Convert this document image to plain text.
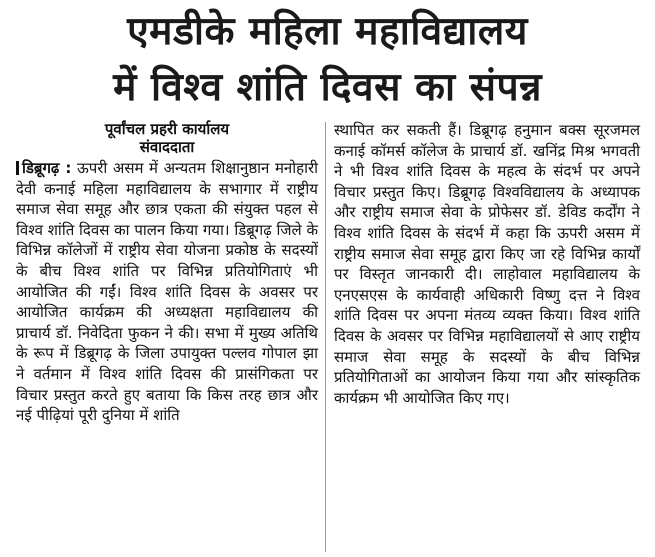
एमडीके महिला महाविद्यालय
में विश्व शांति दिवस का संपन्न

पूर्वांचल प्रहरी कार्यालय

संवाददाता

डिब्रूगढ़ : ऊपरी असम में अन्यतम शिक्षानुष्ठान मनोहारी देवी कनाई महिला महाविद्यालय के सभागार में राष्ट्रीय समाज सेवा समूह और छात्र एकता की संयुक्त पहल से विश्व शांति दिवस का पालन किया गया। डिब्रूगढ़ जिले के विभिन्न कॉलेजों में राष्ट्रीय सेवा योजना प्रकोष्ठ के सदस्यों के बीच विश्व शांति पर विभिन्न प्रतियोगिताएं भी आयोजित की गईं। विश्व शांति दिवस के अवसर पर आयोजित कार्यक्रम की अध्यक्षता महाविद्यालय की प्राचार्य डॉ. निवेदिता फुकन ने की। सभा में मुख्य अतिथि के रूप में डिब्रूगढ़ के जिला उपायुक्त पल्लव गोपाल झा ने वर्तमान में विश्व शांति दिवस की प्रासंगिकता पर विचार प्रस्तुत करते हुए बताया कि किस तरह छात्र और नई पीढ़ियां पूरी दुनिया में शांति

स्थापित कर सकती हैं। डिब्रूगढ़ हनुमान बक्स सूरजमल कनाई कॉमर्स कॉलेज के प्राचार्य डॉ. खनिंद्र मिश्र भगवती ने भी विश्व शांति दिवस के महत्व के संदर्भ पर अपने विचार प्रस्तुत किए। डिब्रूगढ़ विश्वविद्यालय के अध्यापक और राष्ट्रीय समाज सेवा के प्रोफेसर डॉ. डेविड कर्दोंग ने विश्व शांति दिवस के संदर्भ में कहा कि ऊपरी असम में राष्ट्रीय समाज सेवा समूह द्वारा किए जा रहे विभिन्न कार्यों पर विस्तृत जानकारी दी। लाहोवाल महाविद्यालय के एनएसएस के कार्यवाही अधिकारी विष्णु दत्त ने विश्व शांति दिवस पर अपना मंतव्य व्यक्त किया। विश्व शांति दिवस के अवसर पर विभिन्न महाविद्यालयों से आए राष्ट्रीय समाज सेवा समूह के सदस्यों के बीच विभिन्न प्रतियोगिताओं का आयोजन किया गया और सांस्कृतिक कार्यक्रम भी आयोजित किए गए।
